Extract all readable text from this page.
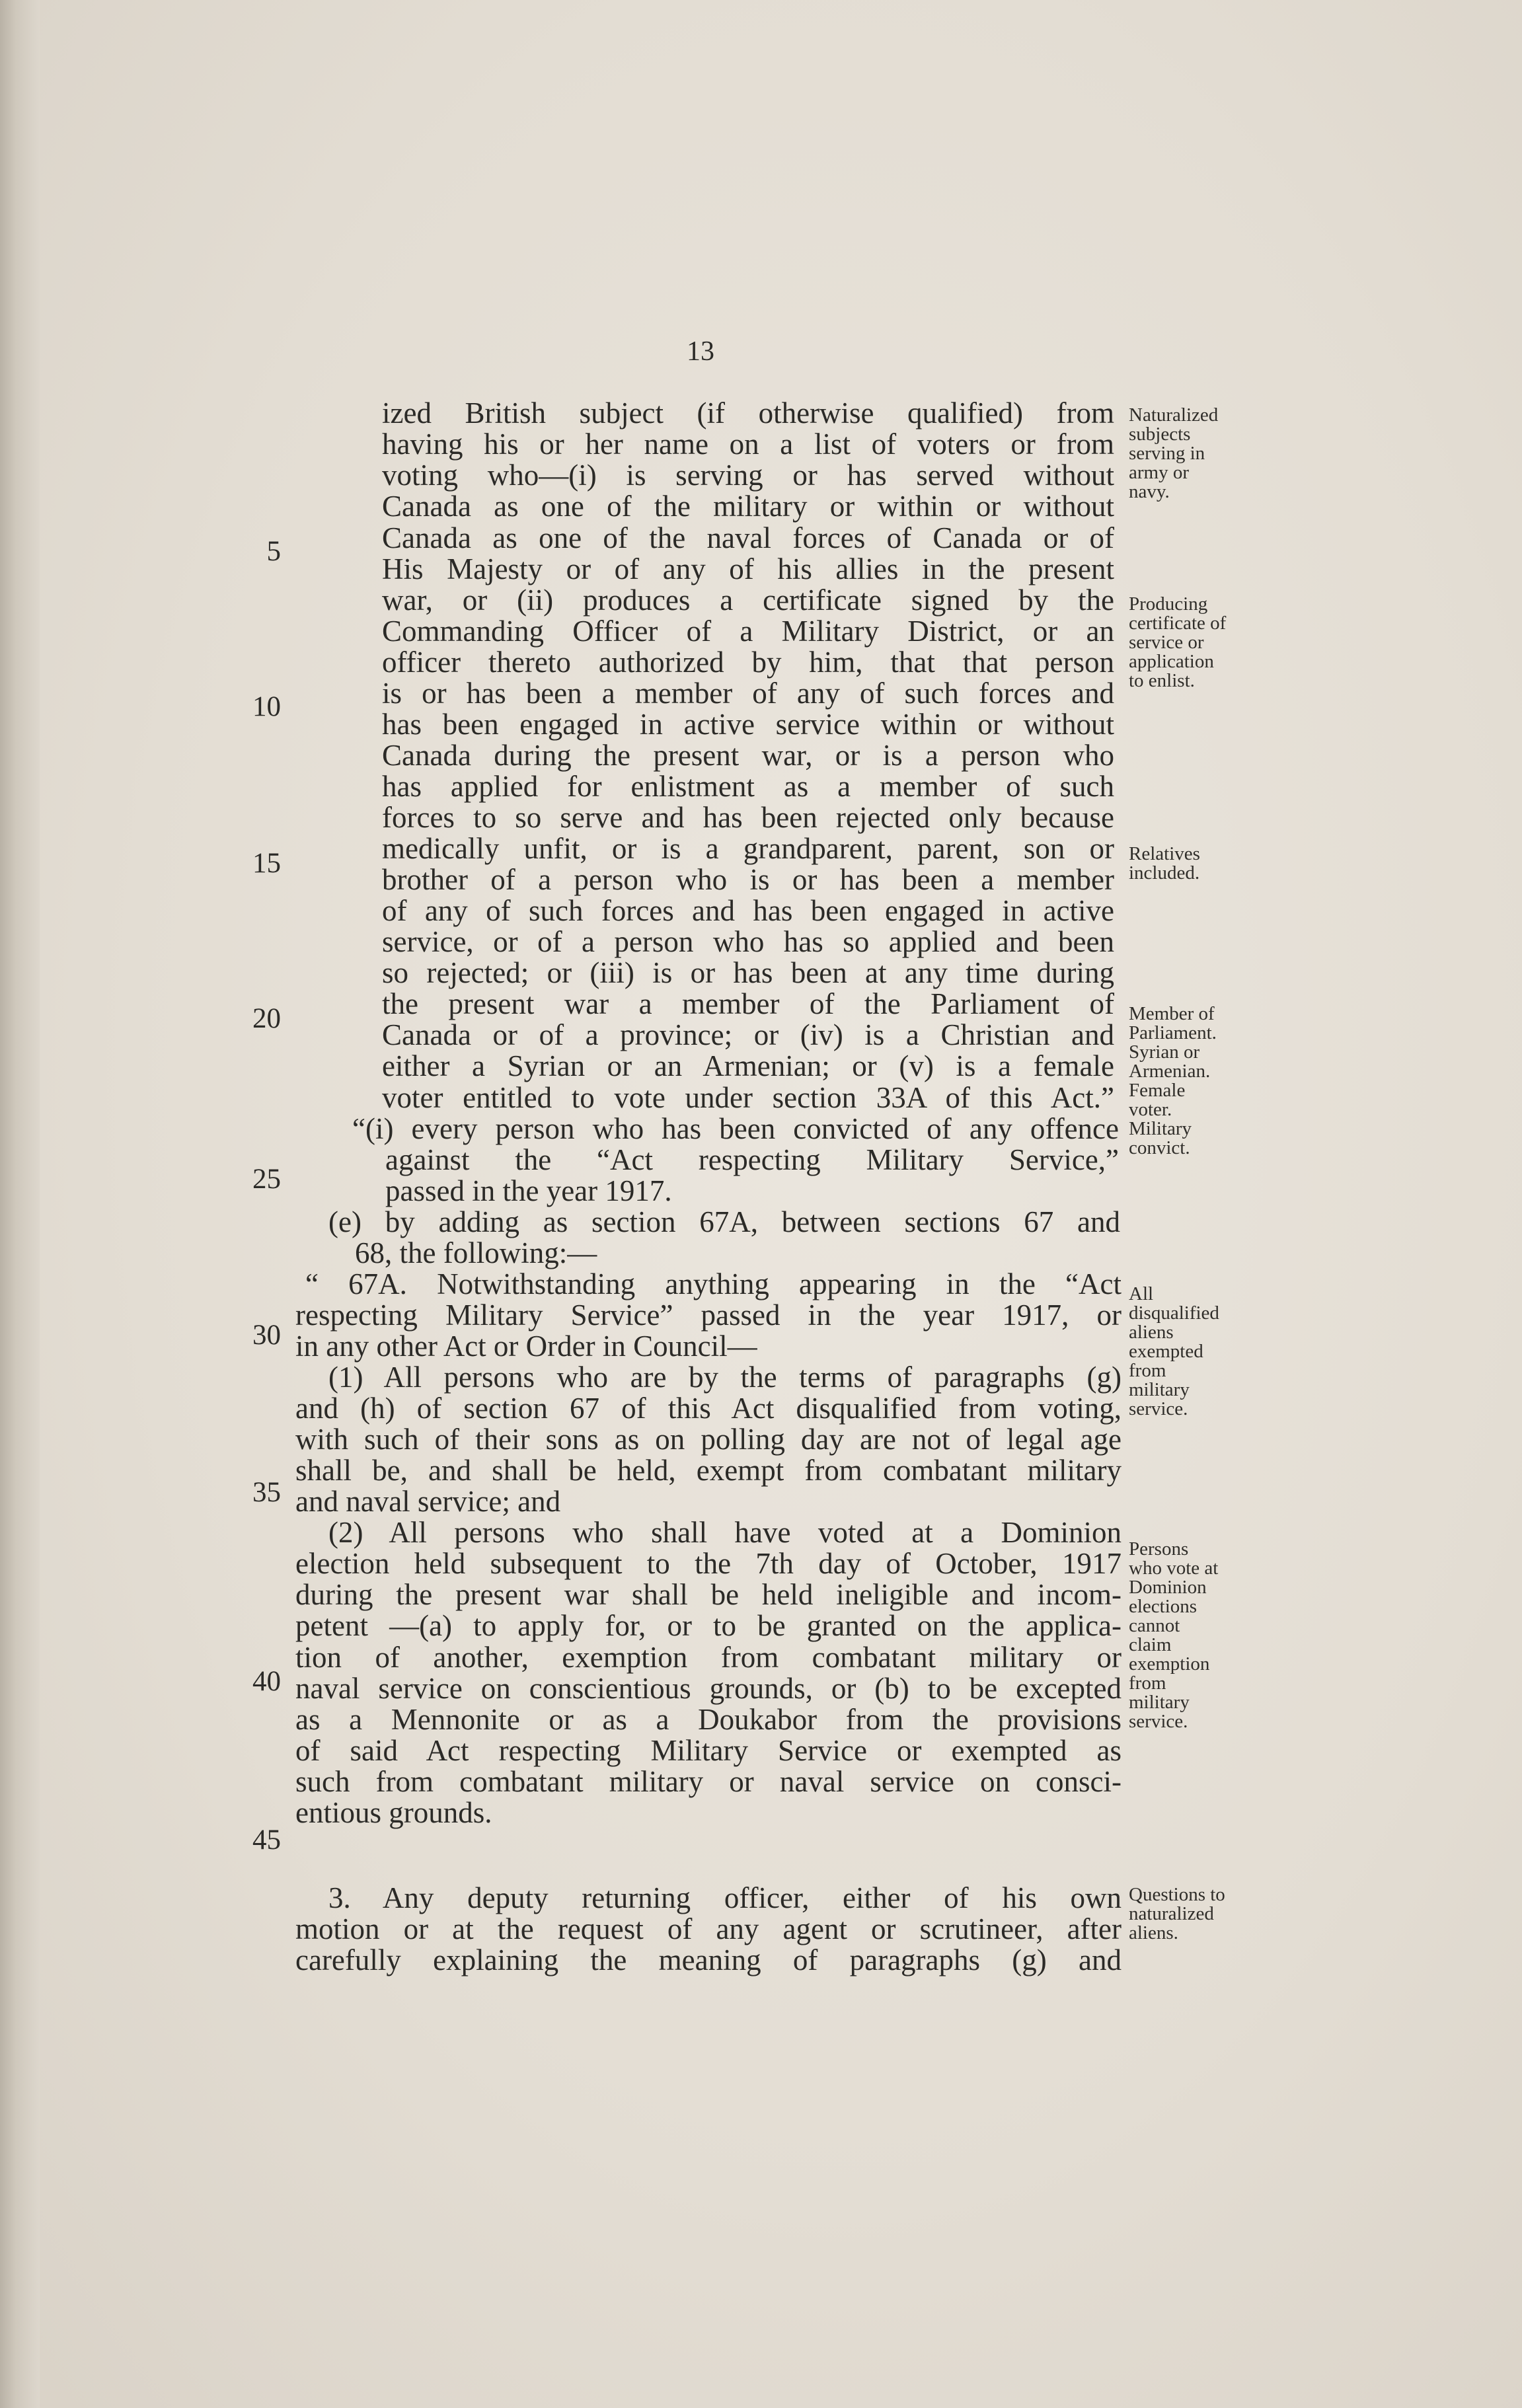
13
ized British subject (if otherwise qualified) from
having his or her name on a list of voters or from
voting who—(i) is serving or has served without
Canada as one of the military or within or without
Canada as one of the naval forces of Canada or of
His Majesty or of any of his allies in the present
war, or (ii) produces a certificate signed by the
Commanding Officer of a Military District, or an
officer thereto authorized by him, that that person
is or has been a member of any of such forces and
has been engaged in active service within or without
Canada during the present war, or is a person who
has applied for enlistment as a member of such
forces to so serve and has been rejected only because
medically unfit, or is a grandparent, parent, son or
brother of a person who is or has been a member
of any of such forces and has been engaged in active
service, or of a person who has so applied and been
so rejected; or (iii) is or has been at any time during
the present war a member of the Parliament of
Canada or of a province; or (iv) is a Christian and
either a Syrian or an Armenian; or (v) is a female
voter entitled to vote under section 33A of this Act.”
“(i) every person who has been convicted of any offence
against the “Act respecting Military Service,”
passed in the year 1917.
(e) by adding as section 67A, between sections 67 and
68, the following:—
“ 67A. Notwithstanding anything appearing in the “Act
respecting Military Service” passed in the year 1917, or
in any other Act or Order in Council—
(1) All persons who are by the terms of paragraphs (g)
and (h) of section 67 of this Act disqualified from voting,
with such of their sons as on polling day are not of legal age
shall be, and shall be held, exempt from combatant military
and naval service; and
(2) All persons who shall have voted at a Dominion
election held subsequent to the 7th day of October, 1917
during the present war shall be held ineligible and incom-
petent —(a) to apply for, or to be granted on the applica-
tion of another, exemption from combatant military or
naval service on conscientious grounds, or (b) to be excepted
as a Mennonite or as a Doukabor from the provisions
of said Act respecting Military Service or exempted as
such from combatant military or naval service on consci-
entious grounds.
3. Any deputy returning officer, either of his own
motion or at the request of any agent or scrutineer, after
carefully explaining the meaning of paragraphs (g) and
5
10
15
20
25
30
35
40
45
Naturalized
subjects
serving in
army or
navy.
Producing
certificate of
service or
application
to enlist.
Relatives
included.
Member of
Parliament.
Syrian or
Armenian.
Female
voter.
Military
convict.
All
disqualified
aliens
exempted
from
military
service.
Persons
who vote at
Dominion
elections
cannot
claim
exemption
from
military
service.
Questions to
naturalized
aliens.
